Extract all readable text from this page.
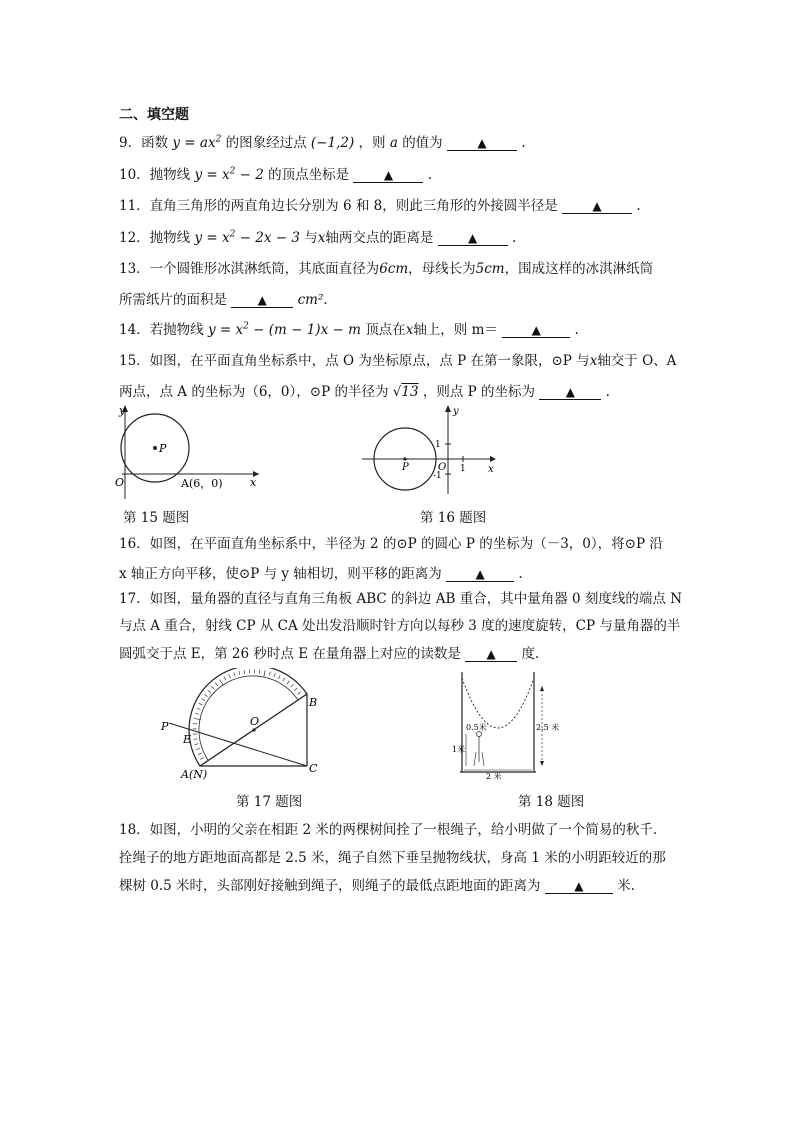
二、填空题
9．函数 $y = ax^2$ 的图象经过点 (−1,2) ，则 a 的值为	▲	.
10．抛物线 $y = x^2 - 2$ 的顶点坐标是	▲	.
11．直角三角形的两直角边长分别为 6 和 8，则此三角形的外接圆半径是	▲	.
12．抛物线 $y = x^2 - 2x - 3$ 与x轴两交点的距离是	▲	.
13．一个圆锥形冰淇淋纸筒，其底面直径为6cm，母线长为5cm，围成这样的冰淇淋纸筒
所需纸片的面积是	▲ cm².
14．若抛物线 $y = x^2 - (m - 1)x - m$ 顶点在x轴上，则 m＝	▲ .
15．如图，在平面直角坐标系中，点 O 为坐标原点，点 P 在第一象限，⊙P 与x轴交于 O、A
两点，点 A 的坐标为（6，0），⊙P 的半径为 √13 ，则点 P 的坐标为	▲ .
y
x
O
P
A(6，0)
第 15 题图
y
x
O
P	1
1
-1
第 16 题图
16．如图，在平面直角坐标系中，半径为 2 的⊙P 的圆心 P 的坐标为（－3，0），将⊙P 沿
x 轴正方向平移，使⊙P 与 y 轴相切，则平移的距离为	▲ .
17．如图，量角器的直径与直角三角板 ABC 的斜边 AB 重合，其中量角器 0 刻度线的端点 N
与点 A 重合，射线 CP 从 CA 处出发沿顺时针方向以每秒 3 度的速度旋转，CP 与量角器的半
圆弧交于点 E，第 26 秒时点 E 在量角器上对应的读数是 ▲ 度.
P
E
O
B
A(N)	C
第 17 题图
0.5米
1米
2.5 米
2 米
第 18 题图
18．如图，小明的父亲在相距 2 米的两棵树间拴了一根绳子，给小明做了一个简易的秋千.
拴绳子的地方距地面高都是 2.5 米，绳子自然下垂呈抛物线状，身高 1 米的小明距较近的那
棵树 0.5 米时，头部刚好接触到绳子，则绳子的最低点距地面的距离为	▲ 米.
